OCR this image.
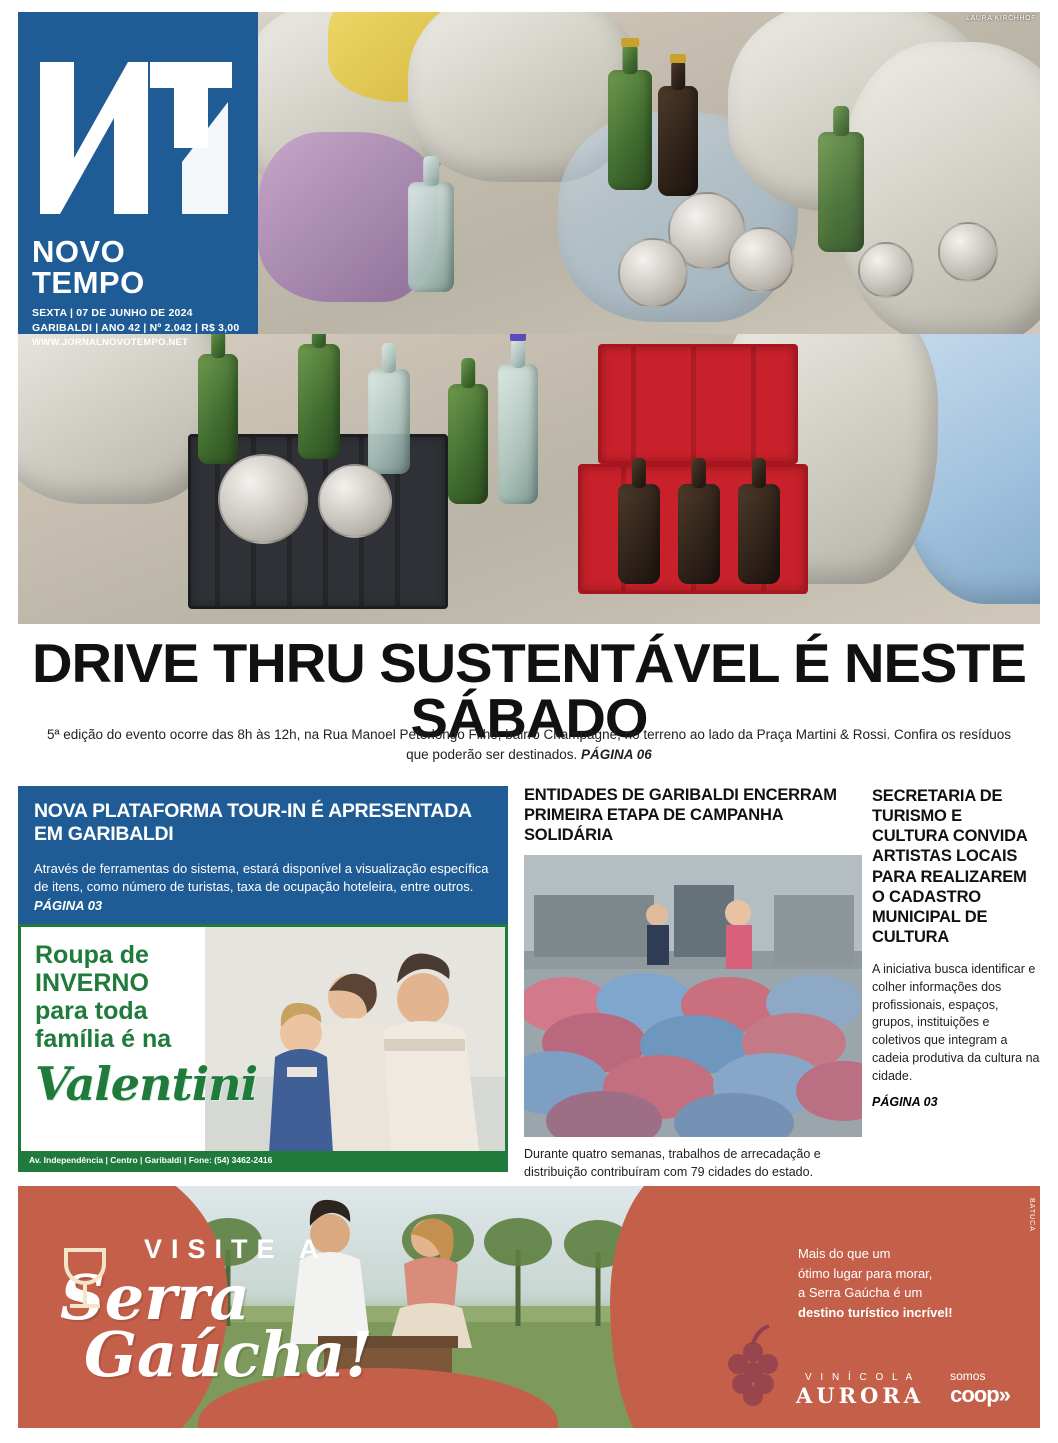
LAURA KIRCHHOF
NOVO TEMPO
SEXTA | 07 DE JUNHO DE 2024
GARIBALDI | ANO 42 | Nº 2.042 | R$ 3,00
WWW.JORNALNOVOTEMPO.NET
DRIVE THRU SUSTENTÁVEL É NESTE SÁBADO
5ª edição do evento ocorre das 8h às 12h, na Rua Manoel Peterlongo Filho, bairro Champagne, no terreno ao lado da Praça Martini & Rossi. Confira os resíduos que poderão ser destinados. PÁGINA 06
NOVA PLATAFORMA TOUR-IN É APRESENTADA EM GARIBALDI

Através de ferramentas do sistema, estará disponível a visualização específica de itens, como número de turistas, taxa de ocupação hoteleira, entre outros. PÁGINA 03

Roupa de
INVERNO
para toda
família é na
Valentini
Av. Independência | Centro | Garibaldi | Fone: (54) 3462-2416
ENTIDADES DE GARIBALDI ENCERRAM PRIMEIRA ETAPA DE CAMPANHA SOLIDÁRIA
Durante quatro semanas, trabalhos de arrecadação e distribuição contribuíram com 79 cidades do estado.
SECRETARIA DE TURISMO E CULTURA CONVIDA ARTISTAS LOCAIS PARA REALIZAREM O CADASTRO MUNICIPAL DE CULTURA
A iniciativa busca identificar e colher informações dos profissionais, espaços, grupos, instituições e coletivos que integram a cadeia produtiva da cultura na cidade.
PÁGINA 03
VISITE A
Serra
Gaúcha!
Mais do que um
ótimo lugar para morar,
a Serra Gaúcha é um
destino turístico incrível!
V I N Í C O L A
AURORA
somos
coop»
BATUCA
